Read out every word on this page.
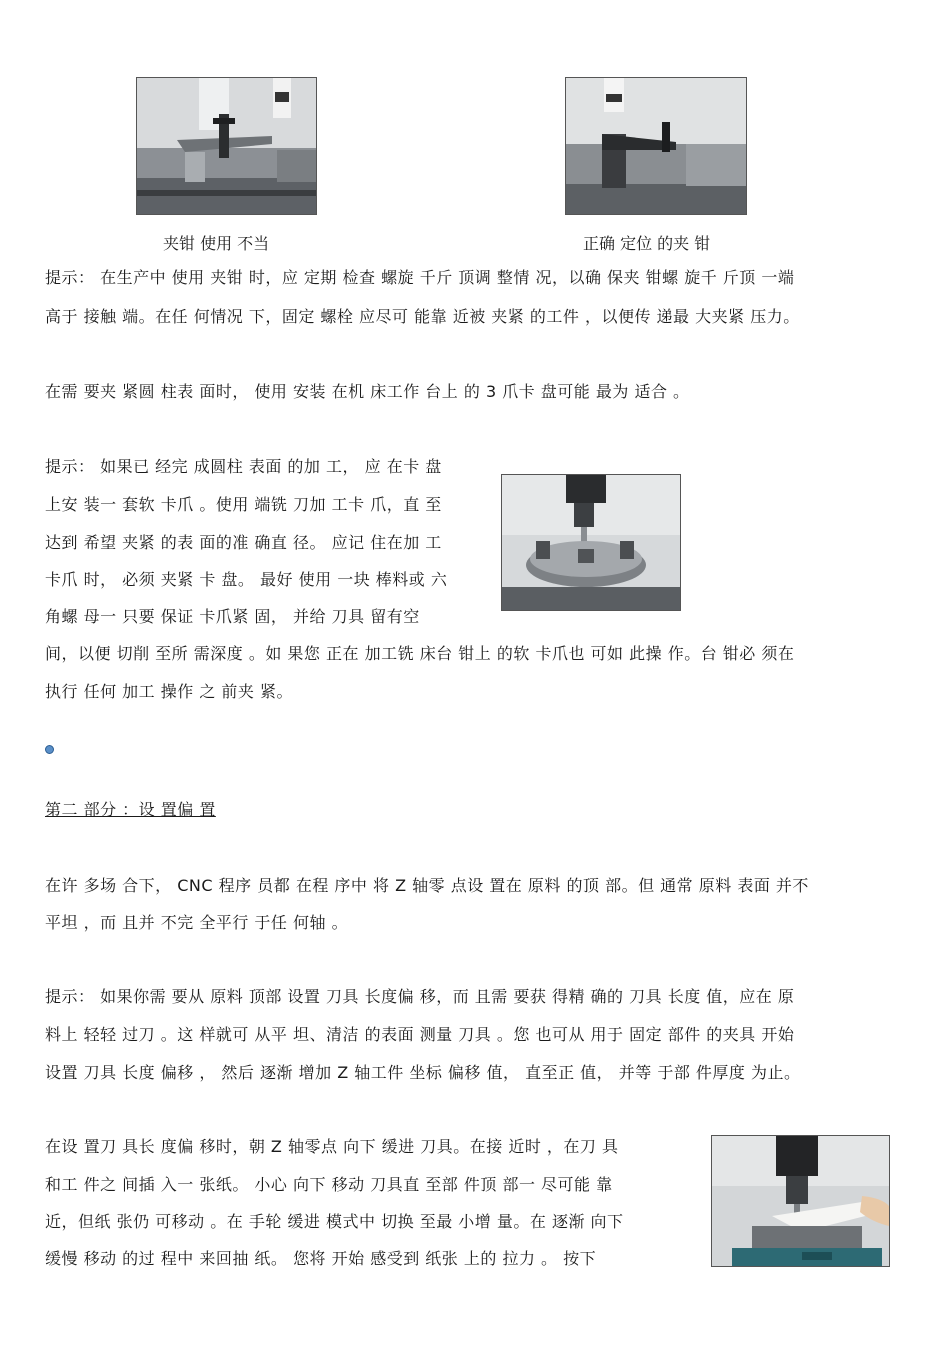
夹钳 使用 不当	正确 定位 的夹 钳
提示： 在生产中 使用 夹钳 时，应 定期 检查 螺旋 千斤 顶调 整情 况，以确 保夹 钳螺 旋千 斤顶 一端
高于 接触 端。在任 何情况 下，固定 螺栓 应尽可 能靠 近被 夹紧 的工件 ，以便传 递最 大夹紧 压力。
在需 要夹 紧圆 柱表 面时， 使用 安装 在机 床工作 台上 的 3 爪卡 盘可能 最为 适合 。
提示： 如果已 经完 成圆柱 表面 的加 工， 应 在卡 盘
上安 装一 套软 卡爪 。使用 端铣 刀加 工卡 爪，直 至
达到 希望 夹紧 的表 面的准 确直 径。 应记 住在加 工
卡爪 时， 必须 夹紧 卡 盘。 最好 使用 一块 棒料或 六
角螺 母一 只要 保证 卡爪紧 固， 并给 刀具 留有空
间，以便 切削 至所 需深度 。如 果您 正在 加工铣 床台 钳上 的软 卡爪也 可如 此操 作。台 钳必 须在
执行 任何 加工 操作 之 前夹 紧。
第二 部分 ：设 置偏 置
在许 多场 合下， CNC 程序 员都 在程 序中 将 Z 轴零 点设 置在 原料 的顶 部。但 通常 原料 表面 并不
平坦 ，而 且并 不完 全平行 于任 何轴 。
提示： 如果你需 要从 原料 顶部 设置 刀具 长度偏 移，而 且需 要获 得精 确的 刀具 长度 值，应在 原
料上 轻轻 过刀 。这 样就可 从平 坦、清洁 的表面 测量 刀具 。您 也可从 用于 固定 部件 的夹具 开始
设置 刀具 长度 偏移 ， 然后 逐渐 增加 Z 轴工件 坐标 偏移 值， 直至正 值， 并等 于部 件厚度 为止。
在设 置刀 具长 度偏 移时，朝 Z 轴零点 向下 缓进 刀具。在接 近时 ，在刀 具
和工 件之 间插 入一 张纸。 小心 向下 移动 刀具直 至部 件顶 部一 尽可能 靠
近，但纸 张仍 可移动 。在 手轮 缓进 模式中 切换 至最 小增 量。在 逐渐 向下
缓慢 移动 的过 程中 来回抽 纸。 您将 开始 感受到 纸张 上的 拉力 。 按下
